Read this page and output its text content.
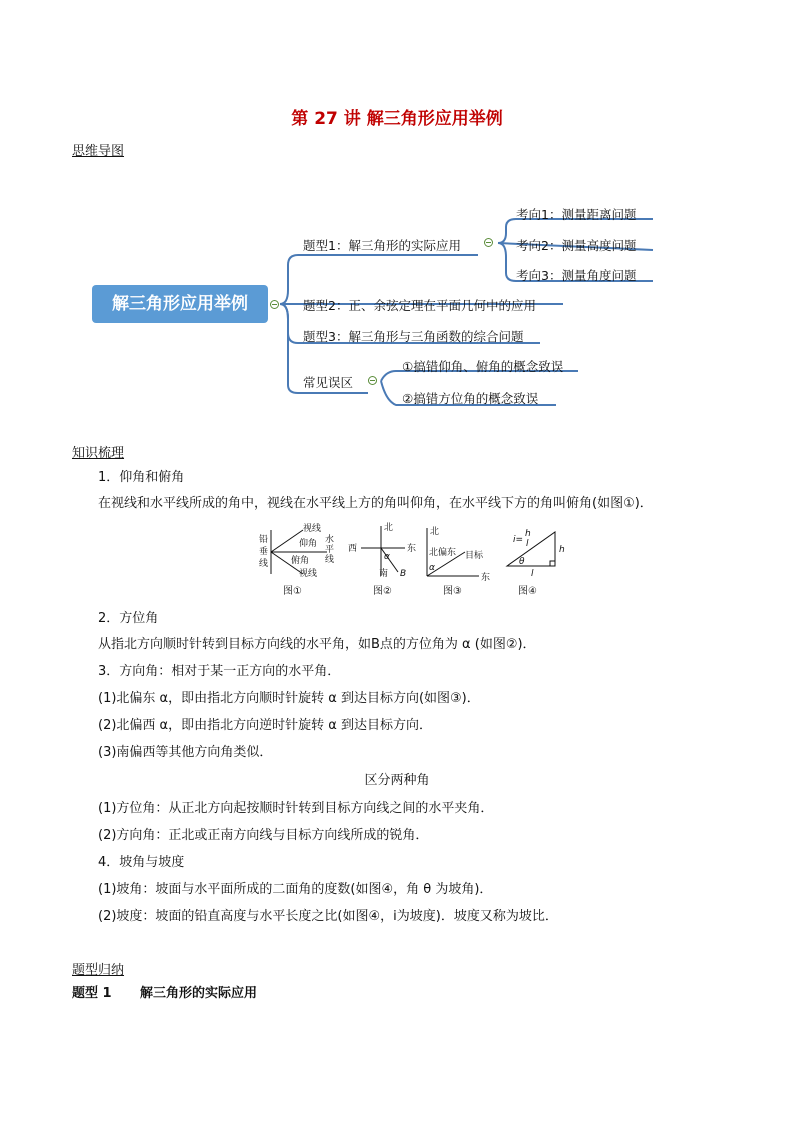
第 27 讲 解三角形应用举例
思维导图
解三角形应用举例
题型1：解三角形的实际应用
考向1：测量距离问题
考向2：测量高度问题
考向3：测量角度问题
题型2：正、余弦定理在平面几何中的应用
题型3：解三角形与三角函数的综合问题
常见误区
①搞错仰角、俯角的概念致误
②搞错方位角的概念致误
知识梳理
1．仰角和俯角
在视线和水平线所成的角中，视线在水平线上方的角叫仰角，在水平线下方的角叫俯角(如图①)．
铅
垂
线
视线
仰角
俯角
视线
水
平
线
图①
北
西	东
α
南 B
图②
北
北偏东 目标
α
东
图③
i=
h
l
h
θ
l
图④
2．方位角
从指北方向顺时针转到目标方向线的水平角，如B点的方位角为 α (如图②)．
3．方向角：相对于某一正方向的水平角．
(1)北偏东 α，即由指北方向顺时针旋转 α 到达目标方向(如图③)．
(2)北偏西 α，即由指北方向逆时针旋转 α 到达目标方向．
(3)南偏西等其他方向角类似．
区分两种角
(1)方位角：从正北方向起按顺时针转到目标方向线之间的水平夹角．
(2)方向角：正北或正南方向线与目标方向线所成的锐角．
4．坡角与坡度
(1)坡角：坡面与水平面所成的二面角的度数(如图④，角 θ 为坡角)．
(2)坡度：坡面的铅直高度与水平长度之比(如图④，i为坡度)．坡度又称为坡比．
题型归纳
题型 1 解三角形的实际应用
